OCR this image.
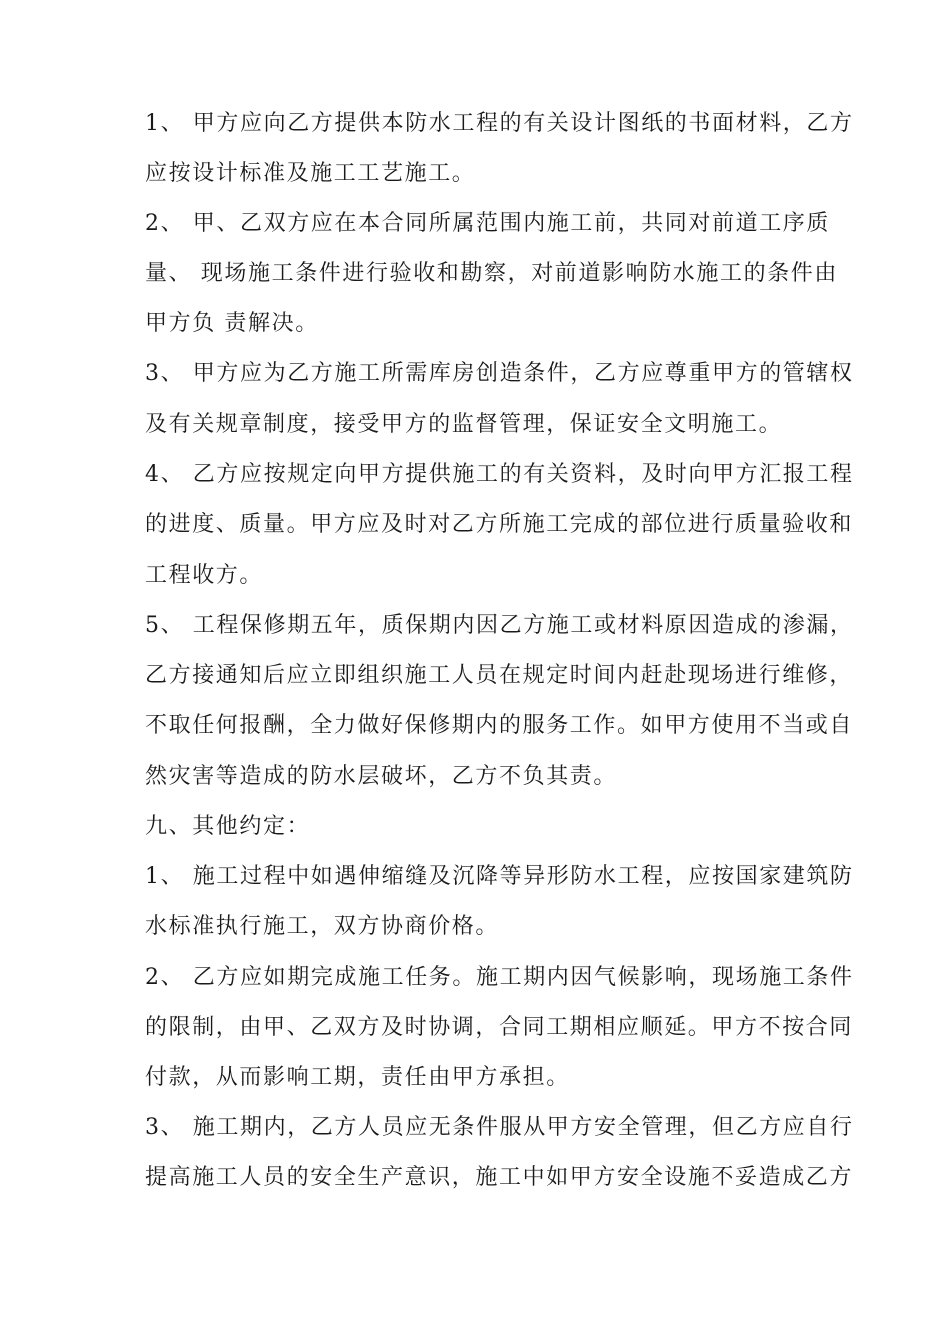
1、 甲方应向乙方提供本防水工程的有关设计图纸的书面材料，乙方
应按设计标准及施工工艺施工。
2、 甲、乙双方应在本合同所属范围内施工前，共同对前道工序质
量、 现场施工条件进行验收和勘察，对前道影响防水施工的条件由
甲方负 责解决。
3、 甲方应为乙方施工所需库房创造条件，乙方应尊重甲方的管辖权
及有关规章制度，接受甲方的监督管理，保证安全文明施工。
4、 乙方应按规定向甲方提供施工的有关资料，及时向甲方汇报工程
的进度、质量。甲方应及时对乙方所施工完成的部位进行质量验收和
工程收方。
5、 工程保修期五年，质保期内因乙方施工或材料原因造成的渗漏，
乙方接通知后应立即组织施工人员在规定时间内赶赴现场进行维修，
不取任何报酬，全力做好保修期内的服务工作。如甲方使用不当或自
然灾害等造成的防水层破坏，乙方不负其责。
九、其他约定：
1、 施工过程中如遇伸缩缝及沉降等异形防水工程，应按国家建筑防
水标准执行施工，双方协商价格。
2、 乙方应如期完成施工任务。施工期内因气候影响，现场施工条件
的限制，由甲、乙双方及时协调，合同工期相应顺延。甲方不按合同
付款，从而影响工期，责任由甲方承担。
3、 施工期内，乙方人员应无条件服从甲方安全管理，但乙方应自行
提高施工人员的安全生产意识，施工中如甲方安全设施不妥造成乙方
